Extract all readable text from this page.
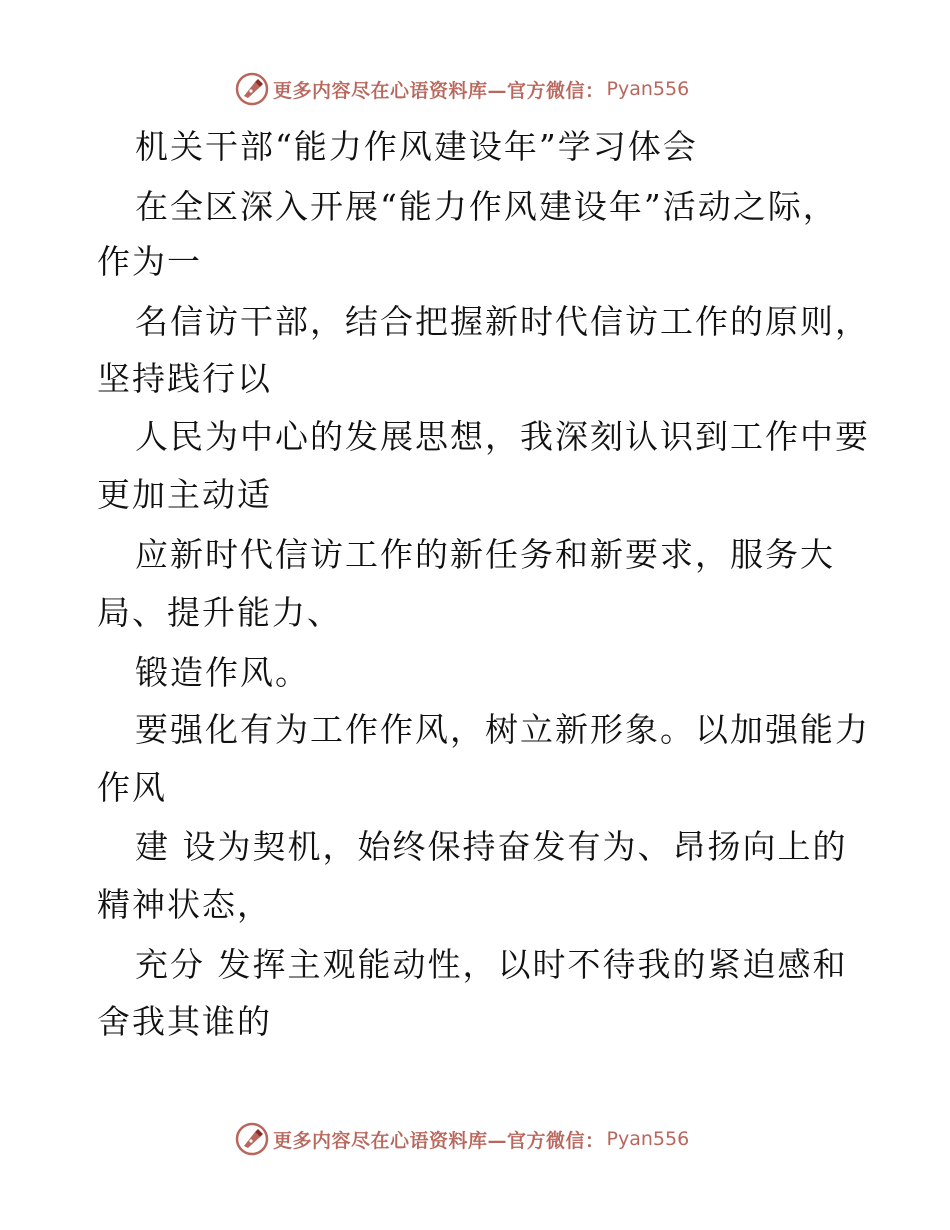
更多内容尽在心语资料库—官方微信： Pyan556
机关干部“能力作风建设年”学习体会
在全区深入开展“能力作风建设年”活动之际，
作为一
名信访干部，结合把握新时代信访工作的原则，
坚持践行以
人民为中心的发展思想，我深刻认识到工作中要
更加主动适
应新时代信访工作的新任务和新要求，服务大
局、提升能力、
锻造作风。
要强化有为工作作风，树立新形象。以加强能力
作风
建 设为契机，始终保持奋发有为、昂扬向上的
精神状态，
充分 发挥主观能动性，以时不待我的紧迫感和
舍我其谁的
更多内容尽在心语资料库—官方微信： Pyan556
